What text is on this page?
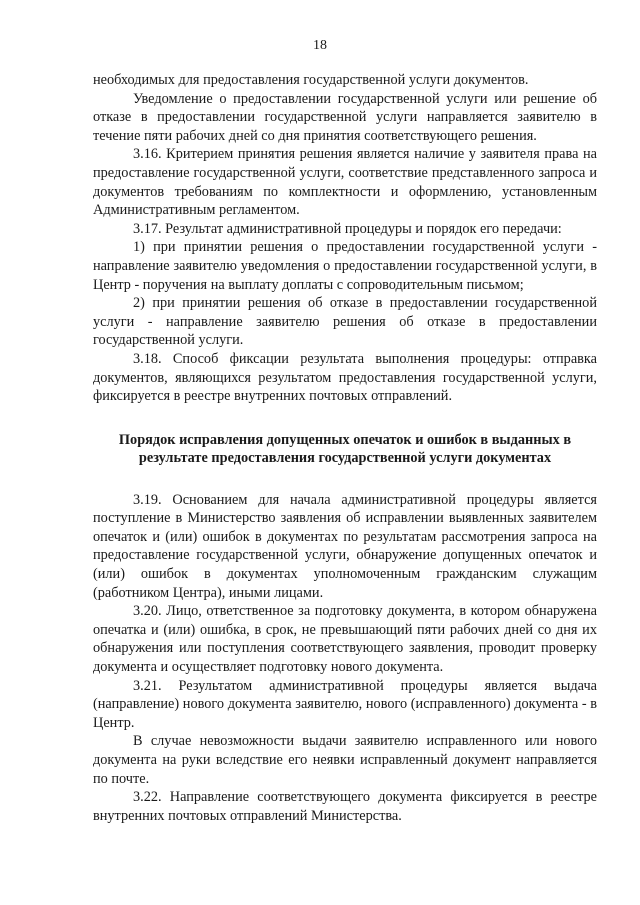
18

необходимых для предоставления государственной услуги документов.

Уведомление о предоставлении государственной услуги или решение об отказе в предоставлении государственной услуги направляется заявителю в течение пяти рабочих дней со дня принятия соответствующего решения.

3.16. Критерием принятия решения является наличие у заявителя права на предоставление государственной услуги, соответствие представленного запроса и документов требованиям по комплектности и оформлению, установленным Административным регламентом.

3.17. Результат административной процедуры и порядок его передачи:

1) при принятии решения о предоставлении государственной услуги - направление заявителю уведомления о предоставлении государственной услуги, в Центр - поручения на выплату доплаты с сопроводительным письмом;

2) при принятии решения об отказе в предоставлении государственной услуги - направление заявителю решения об отказе в предоставлении государственной услуги.

3.18. Способ фиксации результата выполнения процедуры: отправка документов, являющихся результатом предоставления государственной услуги, фиксируется в реестре внутренних почтовых отправлений.

Порядок исправления допущенных опечаток и ошибок в выданных в
результате предоставления государственной услуги документах

3.19. Основанием для начала административной процедуры является поступление в Министерство заявления об исправлении выявленных заявителем опечаток и (или) ошибок в документах по результатам рассмотрения запроса на предоставление государственной услуги, обнаружение допущенных опечаток и (или) ошибок в документах уполномоченным гражданским служащим (работником Центра), иными лицами.

3.20. Лицо, ответственное за подготовку документа, в котором обнаружена опечатка и (или) ошибка, в срок, не превышающий пяти рабочих дней со дня их обнаружения или поступления соответствующего заявления, проводит проверку документа и осуществляет подготовку нового документа.

3.21. Результатом административной процедуры является выдача (направление) нового документа заявителю, нового (исправленного) документа - в Центр.

В случае невозможности выдачи заявителю исправленного или нового документа на руки вследствие его неявки исправленный документ направляется по почте.

3.22. Направление соответствующего документа фиксируется в реестре внутренних почтовых отправлений Министерства.
